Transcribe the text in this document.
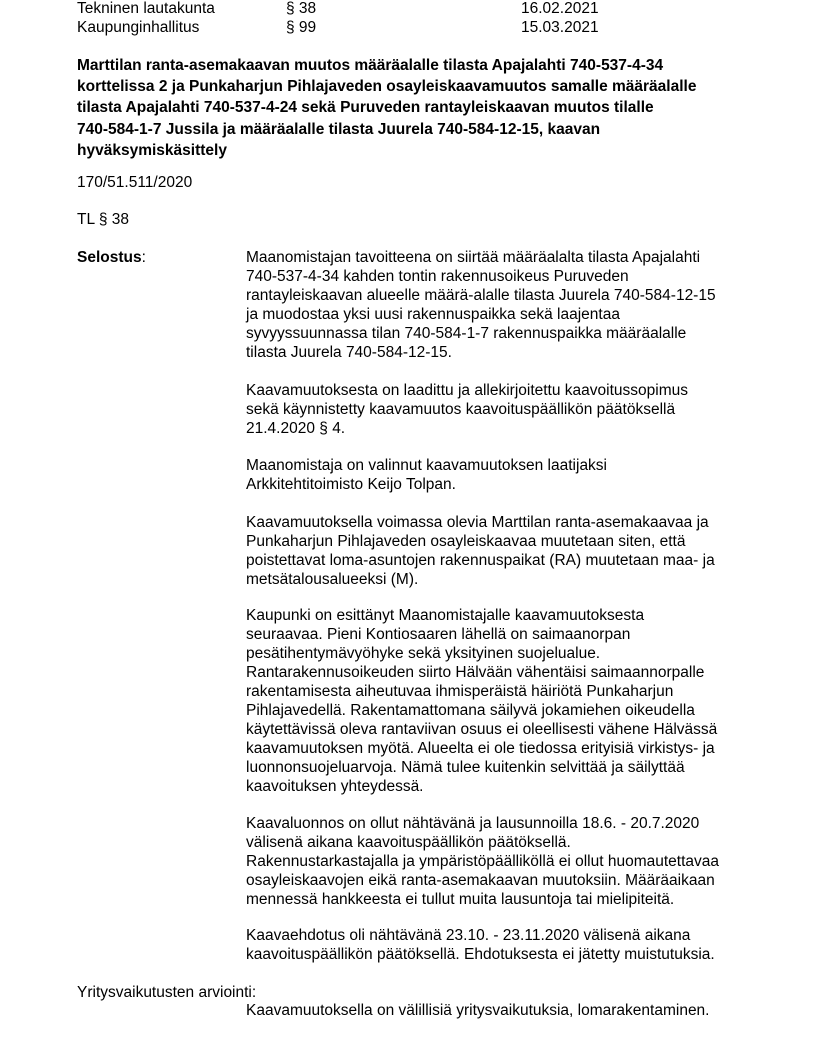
Tekninen lautakunta	§ 38	16.02.2021
Kaupunginhallitus	§ 99	15.03.2021
Marttilan ranta-asemakaavan muutos määräalalle tilasta Apajalahti 740-537-4-34
korttelissa 2 ja Punkaharjun Pihlajaveden osayleiskaavamuutos samalle määräalalle
tilasta Apajalahti 740-537-4-24 sekä Puruveden rantayleiskaavan muutos tilalle
740-584-1-7 Jussila ja määräalalle tilasta Juurela 740-584-12-15, kaavan
hyväksymiskäsittely
170/51.511/2020
TL § 38
Selostus:	Maanomistajan tavoitteena on siirtää määräalalta tilasta Apajalahti
740-537-4-34 kahden tontin rakennusoikeus Puruveden
rantayleiskaavan alueelle määrä-alalle tilasta Juurela 740-584-12-15
ja muodostaa yksi uusi rakennuspaikka sekä laajentaa
syvyyssuunnassa tilan 740-584-1-7 rakennuspaikka määräalalle
tilasta Juurela 740-584-12-15.
Kaavamuutoksesta on laadittu ja allekirjoitettu kaavoitussopimus
sekä käynnistetty kaavamuutos kaavoituspäällikön päätöksellä
21.4.2020 § 4.
Maanomistaja on valinnut kaavamuutoksen laatijaksi
Arkkitehtitoimisto Keijo Tolpan.
Kaavamuutoksella voimassa olevia Marttilan ranta-asemakaavaa ja
Punkaharjun Pihlajaveden osayleiskaavaa muutetaan siten, että
poistettavat loma-asuntojen rakennuspaikat (RA) muutetaan maa- ja
metsätalousalueeksi (M).
Kaupunki on esittänyt Maanomistajalle kaavamuutoksesta
seuraavaa. Pieni Kontiosaaren lähellä on saimaanorpan
pesätihentymävyöhyke sekä yksityinen suojelualue.
Rantarakennusoikeuden siirto Hälvään vähentäisi saimaannorpalle
rakentamisesta aiheutuvaa ihmisperäistä häiriötä Punkaharjun
Pihlajavedellä. Rakentamattomana säilyvä jokamiehen oikeudella
käytettävissä oleva rantaviivan osuus ei oleellisesti vähene Hälvässä
kaavamuutoksen myötä. Alueelta ei ole tiedossa erityisiä virkistys- ja
luonnonsuojeluarvoja. Nämä tulee kuitenkin selvittää ja säilyttää
kaavoituksen yhteydessä.
Kaavaluonnos on ollut nähtävänä ja lausunnoilla 18.6. - 20.7.2020
välisenä aikana kaavoituspäällikön päätöksellä.
Rakennustarkastajalla ja ympäristöpäälliköllä ei ollut huomautettavaa
osayleiskaavojen eikä ranta-asemakaavan muutoksiin. Määräaikaan
mennessä hankkeesta ei tullut muita lausuntoja tai mielipiteitä.
Kaavaehdotus oli nähtävänä 23.10. - 23.11.2020 välisenä aikana
kaavoituspäällikön päätöksellä. Ehdotuksesta ei jätetty muistutuksia.
Yritysvaikutusten arviointi:
Kaavamuutoksella on välillisiä yritysvaikutuksia, lomarakentaminen.
